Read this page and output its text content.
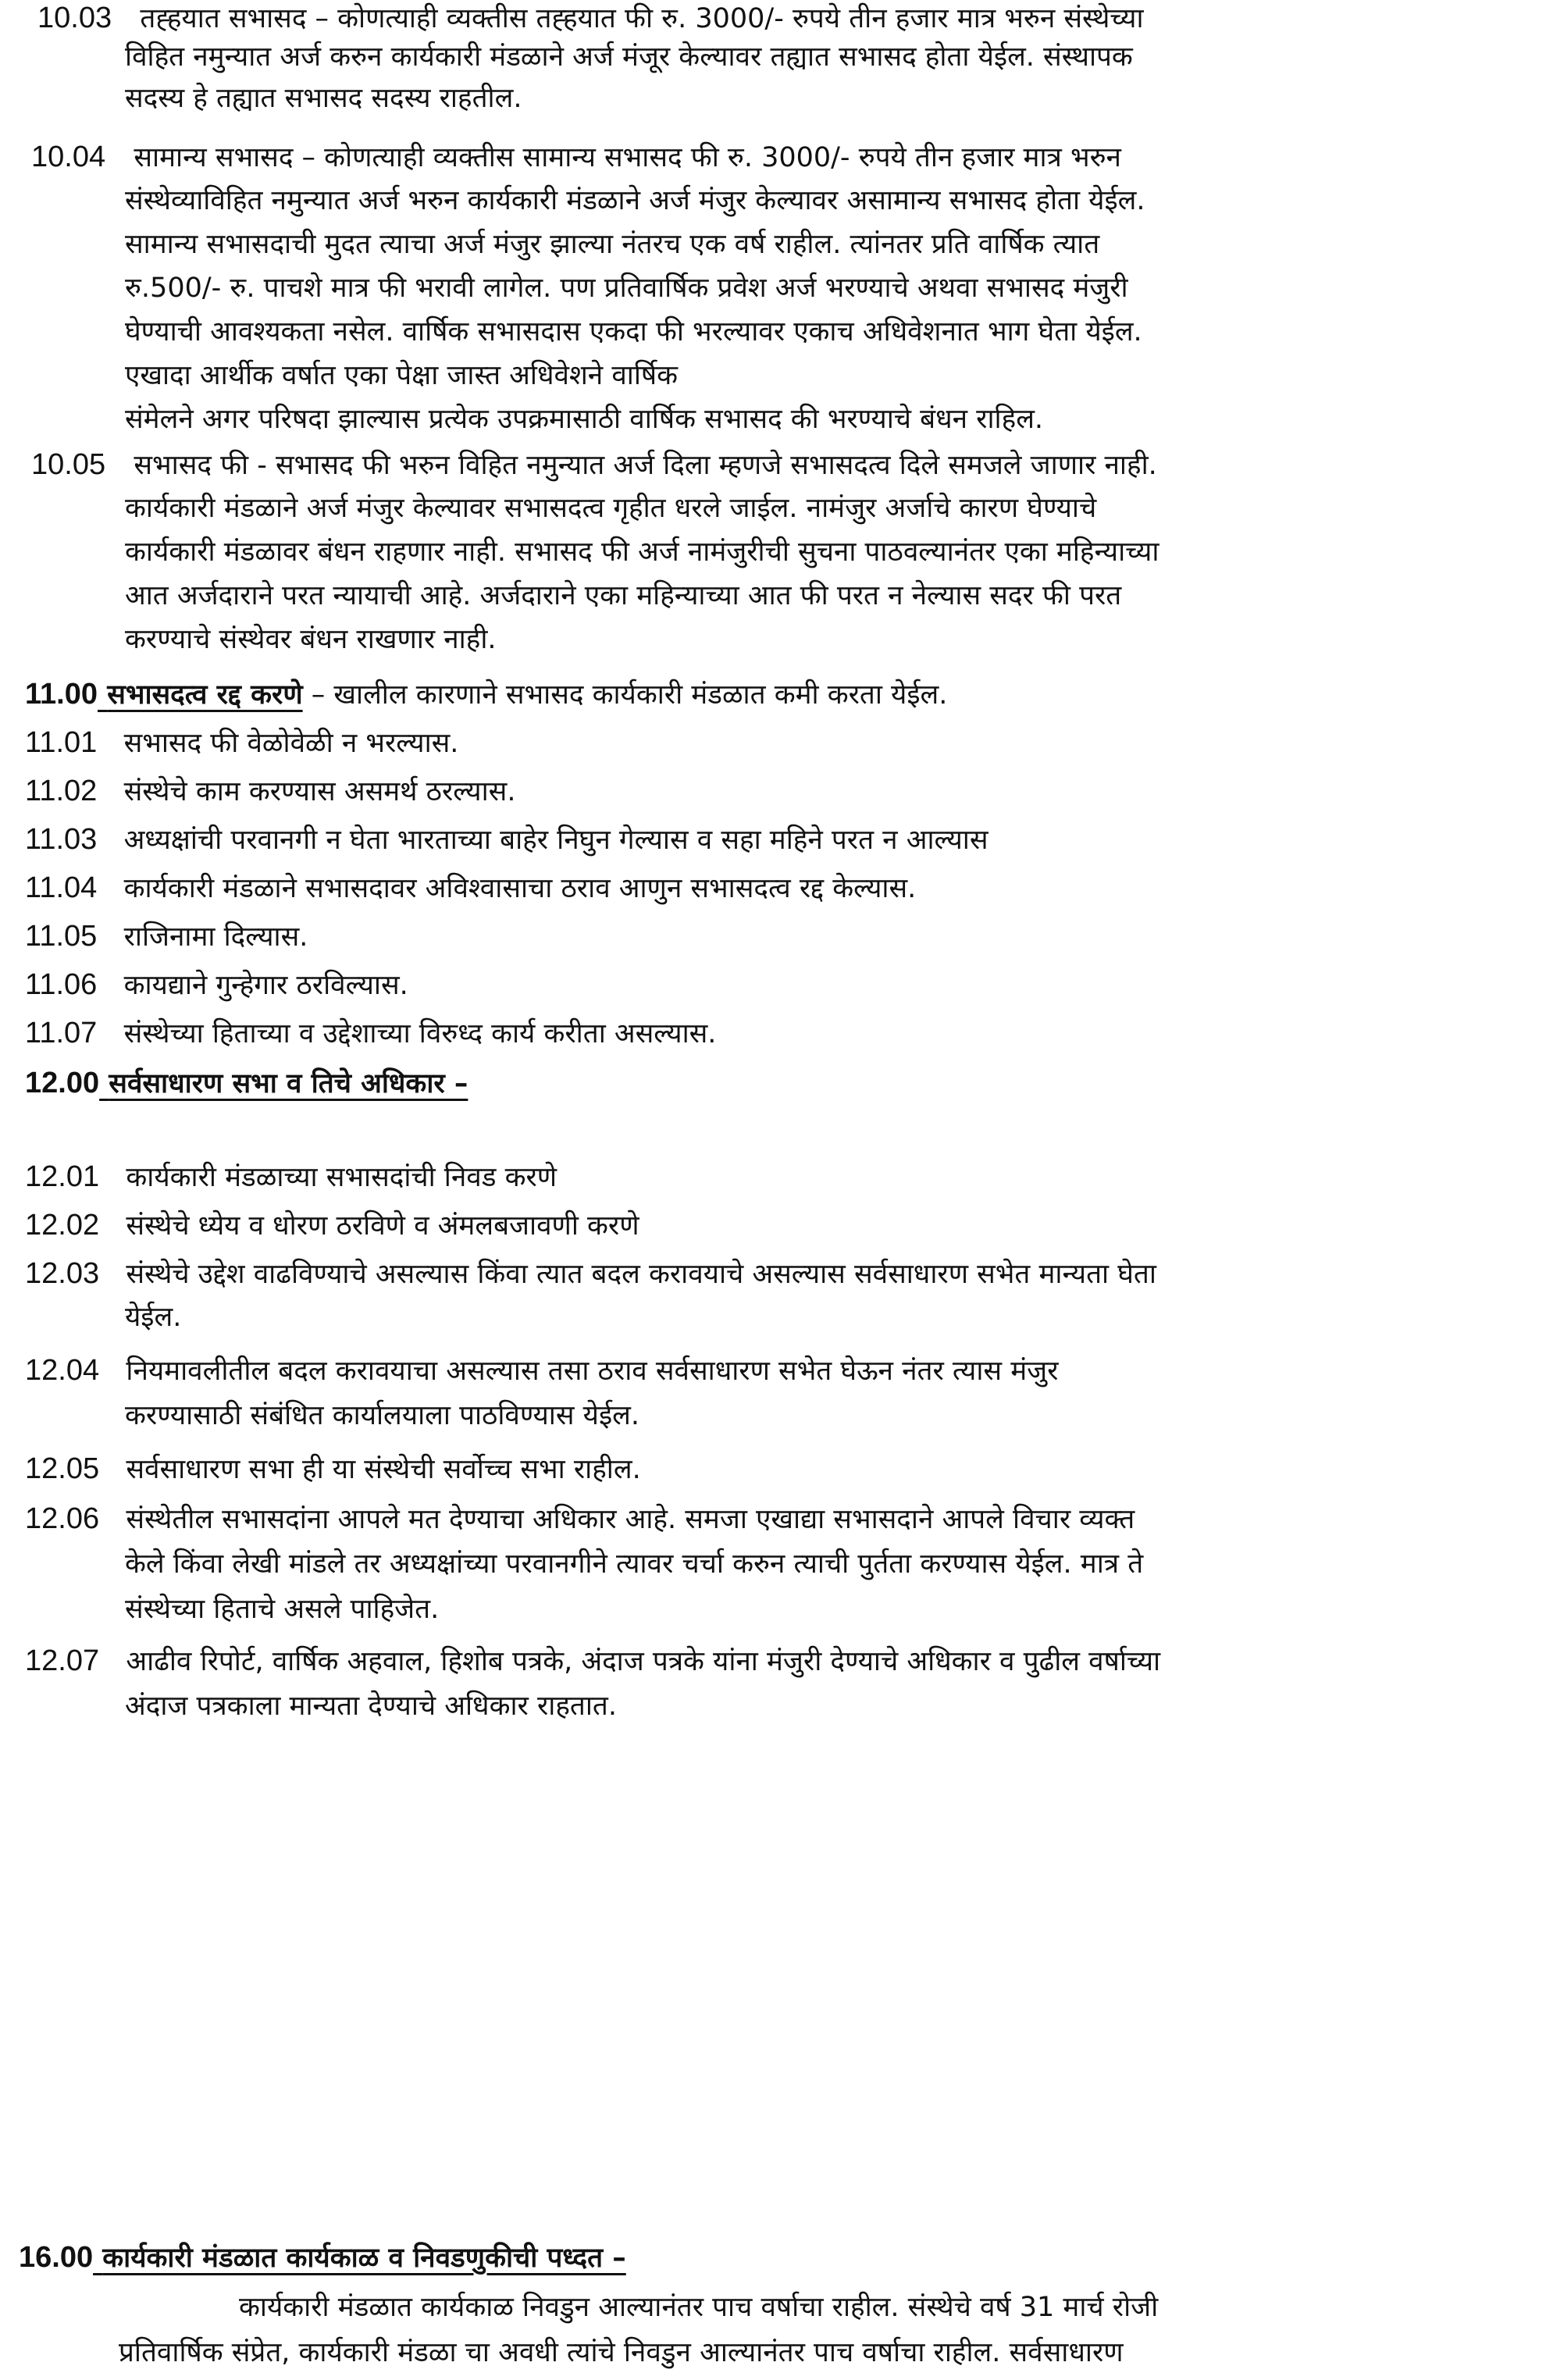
10.03 तह्हयात सभासद – कोणत्याही व्यक्तीस तह्हयात फी रु. 3000/- रुपये तीन हजार मात्र भरुन संस्थेच्या
विहित नमुन्यात अर्ज करुन कार्यकारी मंडळाने अर्ज मंजूर केल्यावर तह्यात सभासद होता येईल. संस्थापक
सदस्य हे तह्यात सभासद सदस्य राहतील.
10.04 सामान्य सभासद – कोणत्याही व्यक्तीस सामान्य सभासद फी रु. 3000/- रुपये तीन हजार मात्र भरुन
संस्थेव्याविहित नमुन्यात अर्ज भरुन कार्यकारी मंडळाने अर्ज मंजुर केल्यावर असामान्य सभासद होता येईल.
सामान्य सभासदाची मुदत त्याचा अर्ज मंजुर झाल्या नंतरच एक वर्ष राहील. त्यांनतर प्रति वार्षिक त्यात
रु.500/- रु. पाचशे मात्र फी भरावी लागेल. पण प्रतिवार्षिक प्रवेश अर्ज भरण्याचे अथवा सभासद मंजुरी
घेण्याची आवश्यकता नसेल. वार्षिक सभासदास एकदा फी भरल्यावर एकाच अधिवेशनात भाग घेता येईल.
एखादा आर्थीक वर्षात एका पेक्षा जास्त अधिवेशने वार्षिक
संमेलने अगर परिषदा झाल्यास प्रत्येक उपक्रमासाठी वार्षिक सभासद की भरण्याचे बंधन राहिल.
10.05 सभासद फी - सभासद फी भरुन विहित नमुन्यात अर्ज दिला म्हणजे सभासदत्व दिले समजले जाणार नाही.
कार्यकारी मंडळाने अर्ज मंजुर केल्यावर सभासदत्व गृहीत धरले जाईल. नामंजुर अर्जाचे कारण घेण्याचे
कार्यकारी मंडळावर बंधन राहणार नाही. सभासद फी अर्ज नामंजुरीची सुचना पाठवल्यानंतर एका महिन्याच्या
आत अर्जदाराने परत न्यायाची आहे. अर्जदाराने एका महिन्याच्या आत फी परत न नेल्यास सदर फी परत
करण्याचे संस्थेवर बंधन राखणार नाही.
11.00 सभासदत्व रद्द करणे – खालील कारणाने सभासद कार्यकारी मंडळात कमी करता येईल.
11.01 सभासद फी वेळोवेळी न भरल्यास.
11.02 संस्थेचे काम करण्यास असमर्थ ठरल्यास.
11.03 अध्यक्षांची परवानगी न घेता भारताच्या बाहेर निघुन गेल्यास व सहा महिने परत न आल्यास
11.04 कार्यकारी मंडळाने सभासदावर अविश्वासाचा ठराव आणुन सभासदत्व रद्द केल्यास.
11.05 राजिनामा दिल्यास.
11.06 कायद्याने गुन्हेगार ठरविल्यास.
11.07 संस्थेच्या हिताच्या व उद्देशाच्या विरुध्द कार्य करीता असल्यास.
12.00 सर्वसाधारण सभा व तिचे अधिकार –
12.01 कार्यकारी मंडळाच्या सभासदांची निवड करणे
12.02 संस्थेचे ध्येय व धोरण ठरविणे व अंमलबजावणी करणे
12.03 संस्थेचे उद्देश वाढविण्याचे असल्यास किंवा त्यात बदल करावयाचे असल्यास सर्वसाधारण सभेत मान्यता घेता
येईल.
12.04 नियमावलीतील बदल करावयाचा असल्यास तसा ठराव सर्वसाधारण सभेत घेऊन नंतर त्यास मंजुर
करण्यासाठी संबंधित कार्यालयाला पाठविण्यास येईल.
12.05 सर्वसाधारण सभा ही या संस्थेची सर्वोच्च सभा राहील.
12.06 संस्थेतील सभासदांना आपले मत देण्याचा अधिकार आहे. समजा एखाद्या सभासदाने आपले विचार व्यक्त
केले किंवा लेखी मांडले तर अध्यक्षांच्या परवानगीने त्यावर चर्चा करुन त्याची पुर्तता करण्यास येईल. मात्र ते
संस्थेच्या हिताचे असले पाहिजेत.
12.07 आढीव रिपोर्ट, वार्षिक अहवाल, हिशोब पत्रके, अंदाज पत्रके यांना मंजुरी देण्याचे अधिकार व पुढील वर्षाच्या
अंदाज पत्रकाला मान्यता देण्याचे अधिकार राहतात.
16.00 कार्यकारी मंडळात कार्यकाळ व निवडणुकीची पध्दत –
कार्यकारी मंडळात कार्यकाळ निवडुन आल्यानंतर पाच वर्षाचा राहील. संस्थेचे वर्ष 31 मार्च रोजी
प्रतिवार्षिक संप्रेत, कार्यकारी मंडळा चा अवधी त्यांचे निवडुन आल्यानंतर पाच वर्षाचा राहील. सर्वसाधारण
